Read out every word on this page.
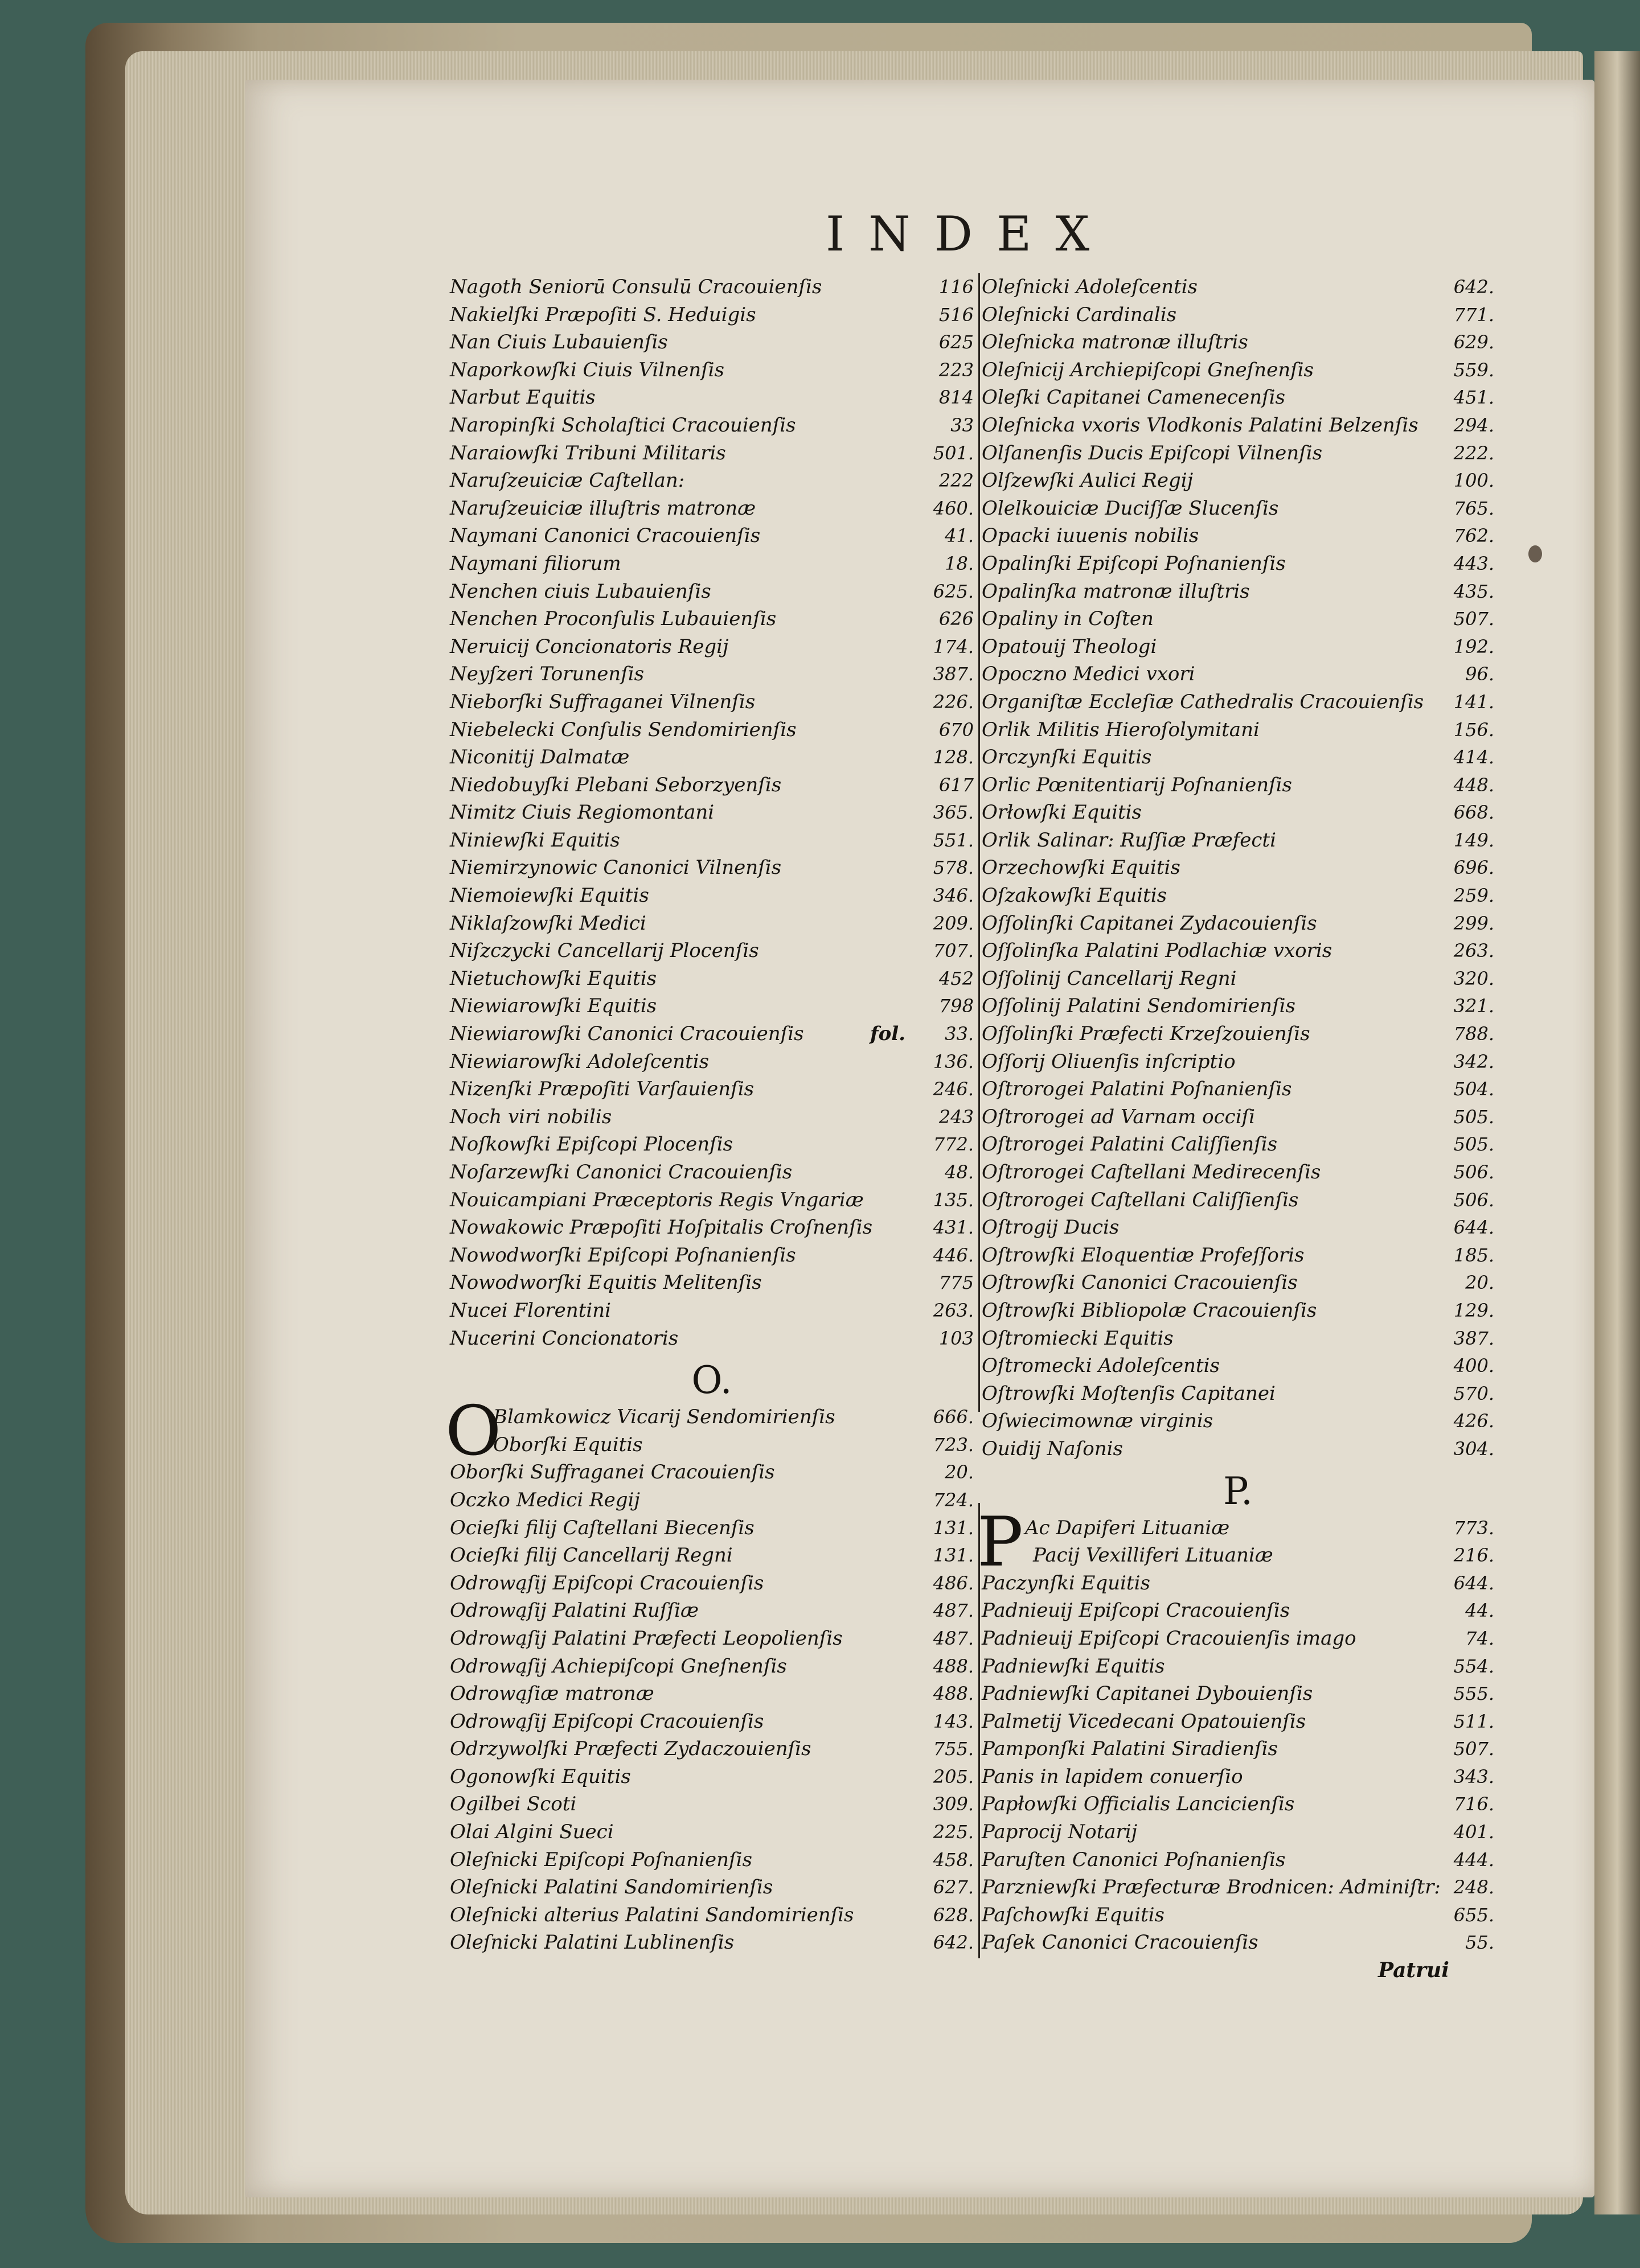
INDEX
Nagoth Seniorū Consulū Cracouienſis	116
Nakielſki Præpoſiti S. Heduigis	516
Nan Ciuis Lubauienſis	625
Naporkowſki Ciuis Vilnenſis	223
Narbut Equitis	814
Naropinſki Scholaſtici Cracouienſis	33
Naraiowſki Tribuni Militaris	501.
Naruſzeuiciæ Caſtellan:	222
Naruſzeuiciæ illuſtris matronæ	460.
Naymani Canonici Cracouienſis	41.
Naymani filiorum	18.
Nenchen ciuis Lubauienſis	625.
Nenchen Proconſulis Lubauienſis	626
Neruicij Concionatoris Regij	174.
Neyſzeri Torunenſis	387.
Nieborſki Suffraganei Vilnenſis	226.
Niebelecki Conſulis Sendomirienſis	670
Niconitij Dalmatæ	128.
Niedobuyſki Plebani Seborzyenſis	617
Nimitz Ciuis Regiomontani	365.
Niniewſki Equitis	551.
Niemirzynowic Canonici Vilnenſis	578.
Niemoiewſki Equitis	346.
Niklaſzowſki Medici	209.
Niſzczycki Cancellarij Plocenſis	707.
Nietuchowſki Equitis	452
Niewiarowſki Equitis	798
Niewiarowſki Canonici Cracouienſis	fol. 33.
Niewiarowſki Adoleſcentis	136.
Nizenſki Præpoſiti Varſauienſis	246.
Noch viri nobilis	243
Noſkowſki Epiſcopi Plocenſis	772.
Noſarzewſki Canonici Cracouienſis	48.
Nouicampiani Præceptoris Regis Vngariæ	135.
Nowakowic Præpoſiti Hoſpitalis Croſnenſis	431.
Nowodworſki Epiſcopi Poſnanienſis	446.
Nowodworſki Equitis Melitenſis	775
Nucei Florentini	263.
Nucerini Concionatoris	103
O.
O
Blamkowicz Vicarij Sendomirienſis	666.
Oborſki Equitis	723.
Oborſki Suffraganei Cracouienſis	20.
Oczko Medici Regij	724.
Ocieſki filij Caſtellani Biecenſis	131.
Ocieſki filij Cancellarij Regni	131.
Odrowąſij Epiſcopi Cracouienſis	486.
Odrowąſij Palatini Ruſſiæ	487.
Odrowąſij Palatini Præfecti Leopolienſis	487.
Odrowąſij Achiepiſcopi Gneſnenſis	488.
Odrowąſiæ matronæ	488.
Odrowąſij Epiſcopi Cracouienſis	143.
Odrzywolſki Præfecti Zydaczouienſis	755.
Ogonowſki Equitis	205.
Ogilbei Scoti	309.
Olai Algini Sueci	225.
Oleſnicki Epiſcopi Poſnanienſis	458.
Oleſnicki Palatini Sandomirienſis	627.
Oleſnicki alterius Palatini Sandomirienſis	628.
Oleſnicki Palatini Lublinenſis	642.
Oleſnicki Adoleſcentis	642.
Oleſnicki Cardinalis	771.
Oleſnicka matronæ illuſtris	629.
Oleſnicij Archiepiſcopi Gneſnenſis	559.
Oleſki Capitanei Camenecenſis	451.
Oleſnicka vxoris Vlodkonis Palatini Belzenſis 294.
Olſanenſis Ducis Epiſcopi Vilnenſis	222.
Olſzewſki Aulici Regij	100.
Olelkouiciæ Duciſſæ Slucenſis	765.
Opacki iuuenis nobilis	762.
Opalinſki Epiſcopi Poſnanienſis	443.
Opalinſka matronæ illuſtris	435.
Opaliny in Coſten	507.
Opatouij Theologi	192.
Opoczno Medici vxori	96.
Organiſtæ Eccleſiæ Cathedralis Cracouienſis 141.
Orlik Militis Hieroſolymitani	156.
Orczynſki Equitis	414.
Orlic Pœnitentiarij Poſnanienſis	448.
Orłowſki Equitis	668.
Orlik Salinar: Ruſſiæ Præfecti	149.
Orzechowſki Equitis	696.
Oſzakowſki Equitis	259.
Oſſolinſki Capitanei Zydacouienſis	299.
Oſſolinſka Palatini Podlachiæ vxoris	263.
Oſſolinij Cancellarij Regni	320.
Oſſolinij Palatini Sendomirienſis	321.
Oſſolinſki Præfecti Krzeſzouienſis	788.
Oſſorij Oliuenſis inſcriptio	342.
Oſtrorogei Palatini Poſnanienſis	504.
Oſtrorogei ad Varnam occiſi	505.
Oſtrorogei Palatini Caliſſienſis	505.
Oſtrorogei Caſtellani Medirecenſis	506.
Oſtrorogei Caſtellani Caliſſienſis	506.
Oſtrogij Ducis	644.
Oſtrowſki Eloquentiæ Profeſſoris	185.
Oſtrowſki Canonici Cracouienſis	20.
Oſtrowſki Bibliopolæ Cracouienſis	129.
Oſtromiecki Equitis	387.
Oſtromecki Adoleſcentis	400.
Oſtrowſki Moſtenſis Capitanei	570.
Oſwiecimownæ virginis	426.
Ouidij Naſonis	304.
P.
P Ac Dapiferi Lituaniæ	773.
Pacij Vexilliferi Lituaniæ	216.
Paczynſki Equitis	644.
Padnieuij Epiſcopi Cracouienſis	44.
Padnieuij Epiſcopi Cracouienſis imago	74.
Padniewſki Equitis	554.
Padniewſki Capitanei Dybouienſis	555.
Palmetij Vicedecani Opatouienſis	511.
Pamponſki Palatini Siradienſis	507.
Panis in lapidem conuerſio	343.
Papłowſki Officialis Lancicienſis	716.
Paprocij Notarij	401.
Paruſten Canonici Poſnanienſis	444.
Parzniewſki Præfecturæ Brodnicen: Adminiſtr: 248.
Paſchowſki Equitis	655.
Paſek Canonici Cracouienſis	55.
Patrui
